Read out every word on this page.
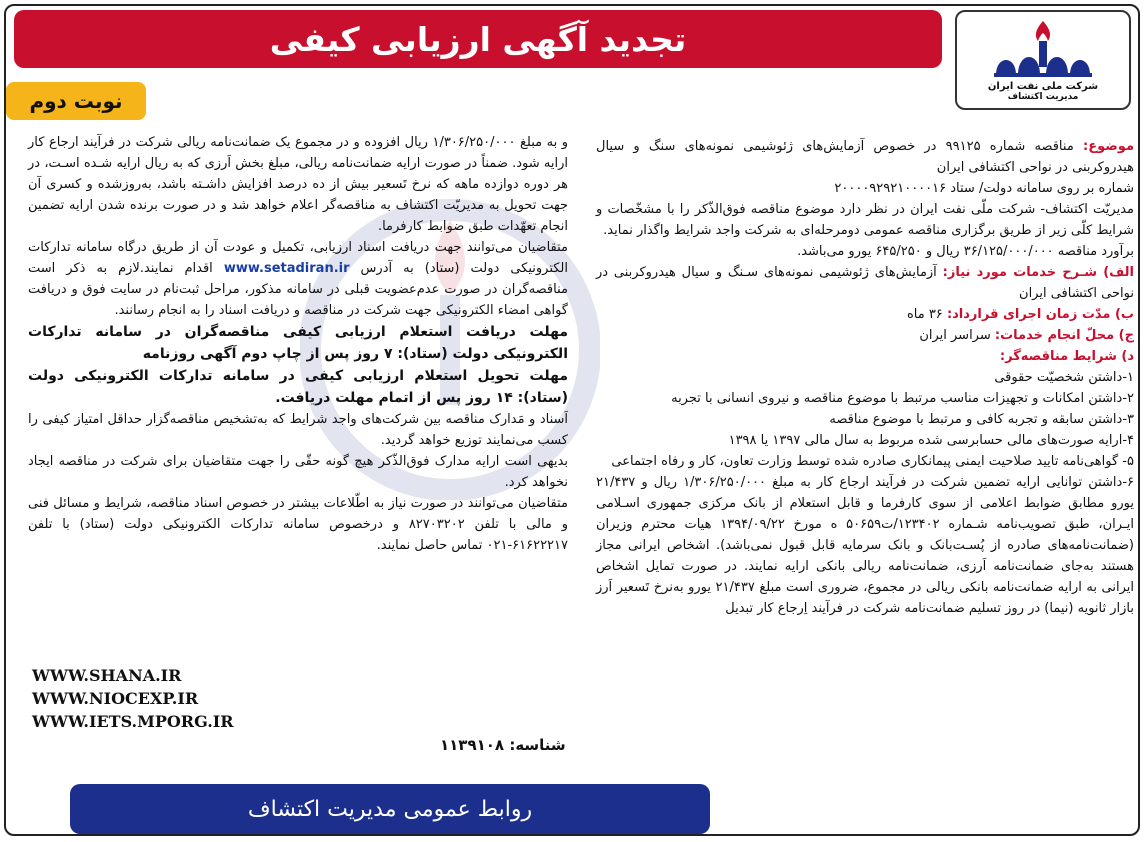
تجدید آگهی ارزیابی کیفی
شرکت ملی نفت ایران
مدیریت اکتشاف
نوبت دوم

موضوع: مناقصه شماره ۹۹۱۲۵ در خصوص آزمایش‌های ژئوشیمی نمونه‌های سنگ و سیال هیدروکربنی در نواحی اکتشافی ایران

شماره بر روی سامانه دولت/ ستاد ۲۰۰۰۰۹۲۹۲۱۰۰۰۰۱۶

مدیریّت اکتشاف- شرکت ملّی نفت ایران در نظر دارد موضوع مناقصه فوق‌الذّکر را با مشخّصات و شرایط کلّی زیر از طریق برگزاری مناقصه عمومی دومرحله‌ای به شرکت واجد شرایط واگذار نماید.

برآورد مناقصه ۳۶/۱۲۵/۰۰۰/۰۰۰ ریال و ۶۴۵/۲۵۰ یورو می‌باشد.

الف) شـرح خدمات مورد نیاز: آزمایش‌های ژئوشیمی نمونه‌های سـنگ و سیال هیدروکربنی در نواحی اکتشافی ایران

ب) مدّت زمان اجرای قرارداد: ۳۶ ماه

ج) محلّ انجام خدمات: سراسر ایران

د) شرایط مناقصه‌گر:

۱-داشتن شخصیّت حقوقی

۲-داشتن امکانات و تجهیزات مناسب مرتبط با موضوع مناقصه و نیروی انسانی با تجربه

۳-داشتن سابقه و تجربه کافی و مرتبط با موضوع مناقصه

۴-ارایه صورت‌های مالی حسابرسی شده مربوط به سال مالی ۱۳۹۷ یا ۱۳۹۸

۵- گواهی‌نامه تایید صلاحیت ایمنی پیمانکاری صادره شده توسط وزارت تعاون، کار و رفاه اجتماعی

۶-داشتن توانایی ارایه تضمین شرکت در فرآیند ارجاع کار به مبلغ ۱/۳۰۶/۲۵۰/۰۰۰ ریال و ۲۱/۴۳۷ یورو مطابق ضوابط اعلامی از سوی کارفرما و قابل استعلام از بانک مرکزی جمهوری اسـلامی ایـران، طبق تصویب‌نامه شـماره ۱۲۳۴۰۲/ت۵۰۶۵۹ ه مورخ ۱۳۹۴/۰۹/۲۲ هیات محترم وزیران (ضمانت‌نامه‌های صادره از پُسـت‌بانک و بانک سرمایه قابل قبول نمی‌باشد). اشخاص ایرانی مجاز هستند به‌جای ضمانت‌نامه اَرزی، ضمانت‌نامه ریالی بانکی ارایه نمایند. در صورت تمایل اشخاص ایرانی به ارایه ضمانت‌نامه بانکی ریالی در مجموع، ضروری است مبلغ ۲۱/۴۳۷ یورو به‌نرخ تَسعیر اَرز بازار ثانویه (نیما) در روز تسلیم ضمانت‌نامه شرکت در فرآیند اِرجاع کار تبدیل

و به مبلغ ۱/۳۰۶/۲۵۰/۰۰۰ ریال افزوده و در مجموع یک ضمانت‌نامه ریالی شرکت در فرآیند ارجاع کار ارایه شود. ضمناً در صورت ارایه ضمانت‌نامه ریالی، مبلغ بخش اَرزی که به ریال ارایه شـده اسـت، در هر دوره دوازده ماهه که نرخ تَسعیر بیش از ده درصد افزایش داشـته باشد، به‌روزشده و کسری آن جهت تحویل به مدیریّت اکتشاف به مناقصه‌گر اعلام خواهد شد و در صورت برنده شدن ارایه تضمین انجام تعهّدات طبق ضوابط کارفرما.

متقاضیان می‌توانند جهت دریافت اسناد ارزیابی، تکمیل و عودت آن از طریق درگاه سامانه تدارکات الکترونیکی دولت (ستاد) به آدرس www.setadiran.ir اقدام نمایند.لازم به ذکر است مناقصه‌گران در صورت عدم‌عضویت قبلی در سامانه مذکور، مراحل ثبت‌نام در سایت فوق و دریافت گواهی امضاء الکترونیکی جهت شرکت در مناقصه و دریافت اسناد را به انجام رسانند.

مهلت دریافت استعلام ارزیابی کیفی مناقصه‌گران در سامانه تدارکات الکترونیکی دولت (ستاد): ۷ روز پس از چاپ دوم آگهی روزنامه

مهلت تحویل استعلام ارزیابی کیفی در سامانه تدارکات الکترونیکی دولت (ستاد): ۱۴ روز پس از اتمام مهلت دریافت.

اَسناد و مَدارک مناقصه بین شرکت‌های واجد شرایط که به‌تشخیص مناقصه‌گزار حداقل امتیاز کیفی را کسب می‌نمایند توزیع خواهد گردید.

بدیهی است ارایه مدارک فوق‌الذّکر هیچ گونه حقّی را جهت متقاضیان برای شرکت در مناقصه ایجاد نخواهد کرد.

متقاضیان می‌توانند در صورت نیاز به اطّلاعات بیشتر در خصوص اسناد مناقصه، شرایط و مسائل فنی و مالی با تلفن ۸۲۷۰۳۲۰۲ و درخصوص سامانه تدارکات الکترونیکی دولت (ستاد) با تلفن ۶۱۶۲۲۲۱۷-۰۲۱ تماس حاصل نمایند.

WWW.SHANA.IR
WWW.NIOCEXP.IR
WWW.IETS.MPORG.IR
شناسه: ۱۱۳۹۱۰۸
روابط عمومی مدیریت اکتشاف
